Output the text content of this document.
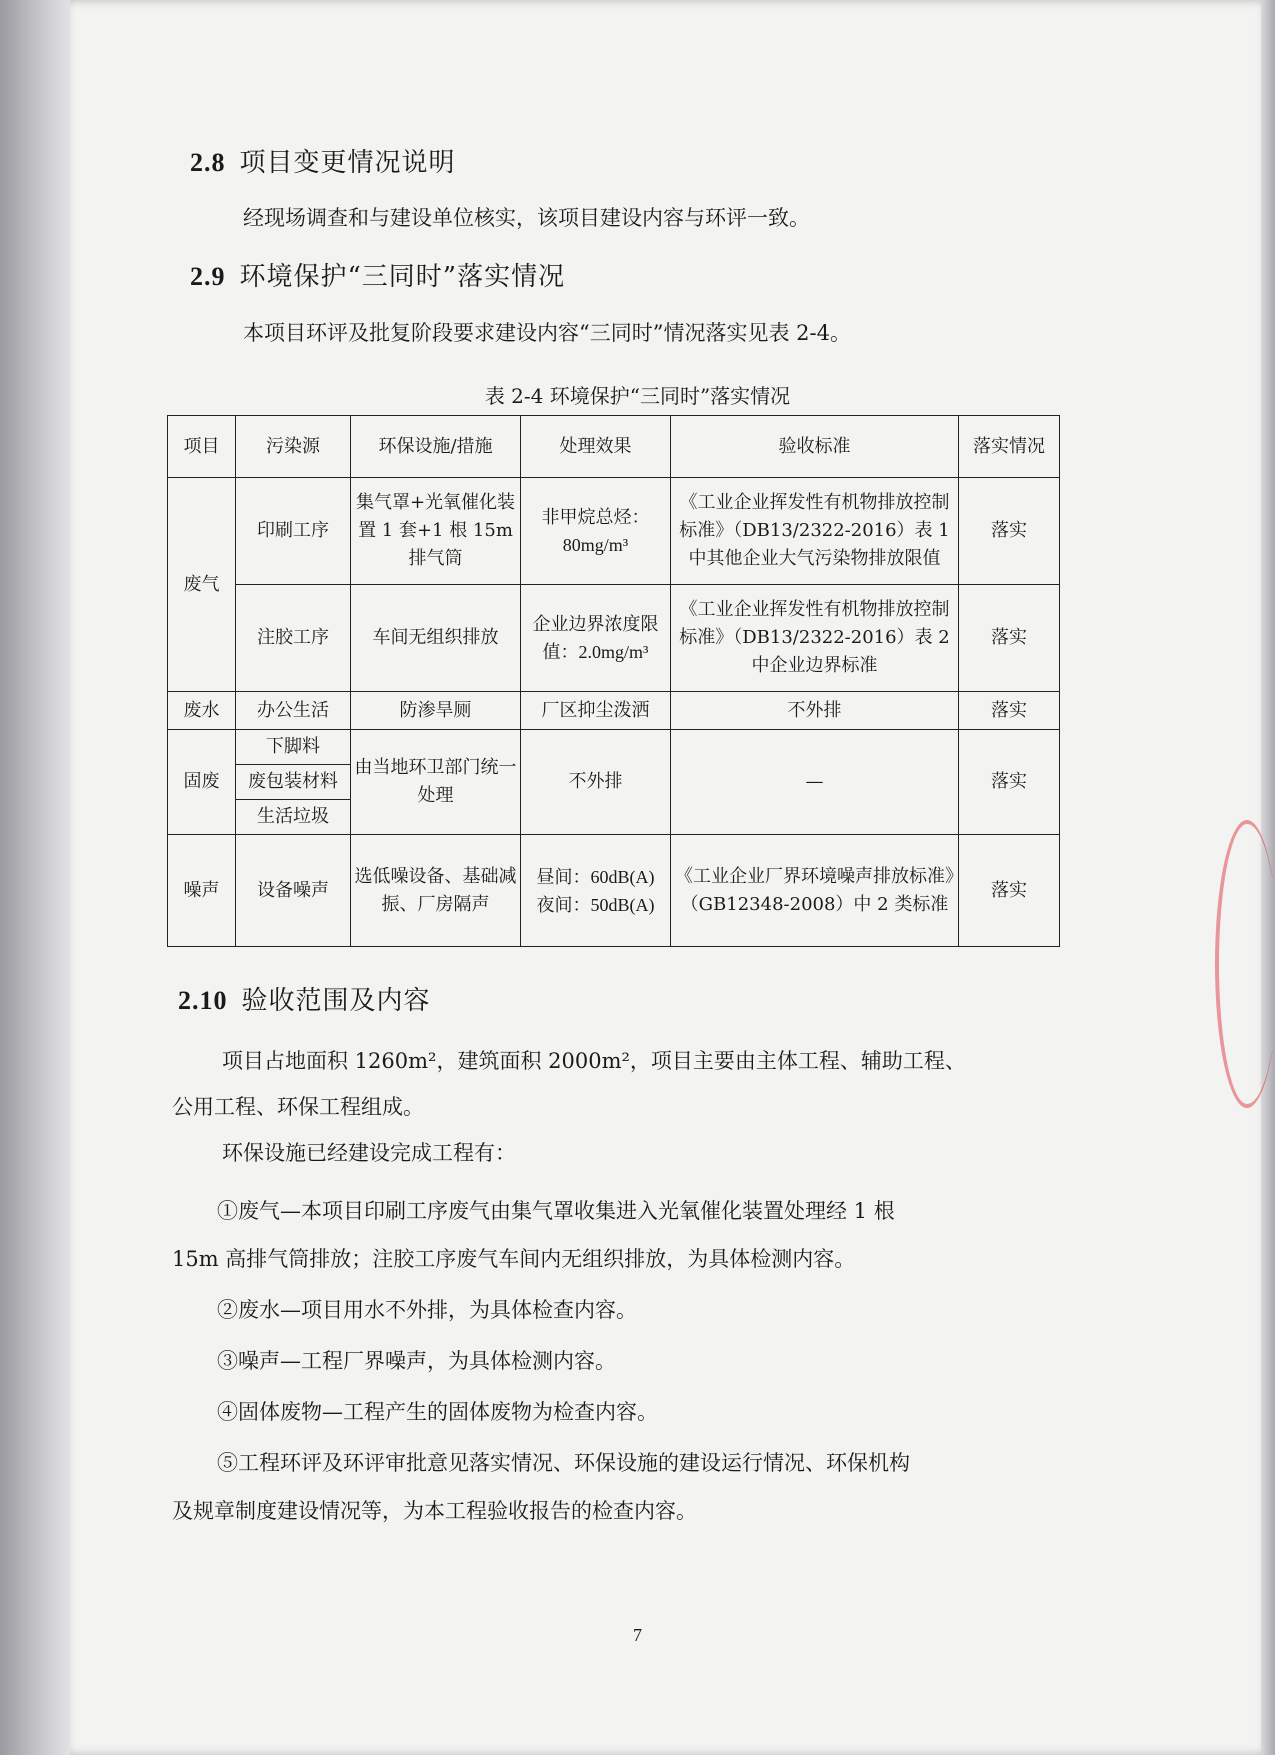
2.8 项目变更情况说明
经现场调查和与建设单位核实，该项目建设内容与环评一致。
2.9 环境保护“三同时”落实情况
本项目环评及批复阶段要求建设内容“三同时”情况落实见表 2-4。
表 2-4 环境保护“三同时”落实情况
项目	污染源	环保设施/措施	处理效果	验收标准	落实情况
废气	印刷工序	集气罩+光氧催化装置 1 套+1 根 15m 排气筒	非甲烷总烃：80mg/m³	《工业企业挥发性有机物排放控制标准》（DB13/2322-2016）表 1 中其他企业大气污染物排放限值	落实
	注胶工序	车间无组织排放	企业边界浓度限值：2.0mg/m³	《工业企业挥发性有机物排放控制标准》（DB13/2322-2016）表 2 中企业边界标准	落实
废水	办公生活	防渗旱厕	厂区抑尘泼洒	不外排	落实
固废	下脚料	由当地环卫部门统一处理	不外排	—	落实
	废包装材料				
	生活垃圾				
噪声	设备噪声	选低噪设备、基础减振、厂房隔声	昼间：60dB(A)
夜间：50dB(A)	《工业企业厂界环境噪声排放标准》（GB12348-2008）中 2 类标准	落实
2.10 验收范围及内容
项目占地面积 1260m²，建筑面积 2000m²，项目主要由主体工程、辅助工程、
公用工程、环保工程组成。
环保设施已经建设完成工程有：
①废气—本项目印刷工序废气由集气罩收集进入光氧催化装置处理经 1 根
15m 高排气筒排放；注胶工序废气车间内无组织排放，为具体检测内容。
②废水—项目用水不外排，为具体检查内容。
③噪声—工程厂界噪声，为具体检测内容。
④固体废物—工程产生的固体废物为检查内容。
⑤工程环评及环评审批意见落实情况、环保设施的建设运行情况、环保机构
及规章制度建设情况等，为本工程验收报告的检查内容。
7
